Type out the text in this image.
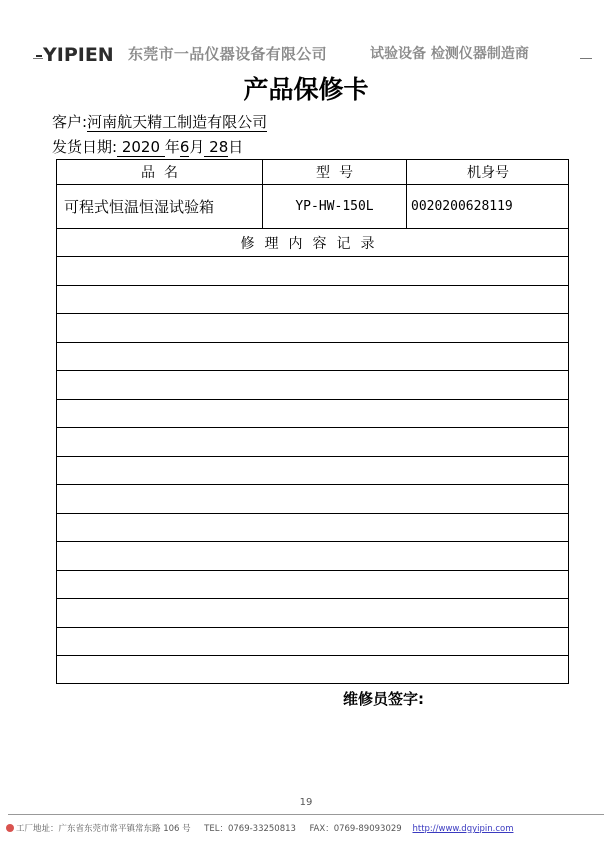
YIPIEN 东莞市一品仪器设备有限公司	试验设备 检测仪器制造商
产品保修卡
客户:河南航天精工制造有限公司
发货日期: 2020 年6月 28日
品  名	型  号	机身号
可程式恒温恒湿试验箱	YP-HW-150L	0020200628119
修理内容记录
维修员签字:
19
工厂地址：广东省东莞市常平镇常东路 106 号 TEL：0769-33250813 FAX：0769-89093029 http://www.dgyipin.com
